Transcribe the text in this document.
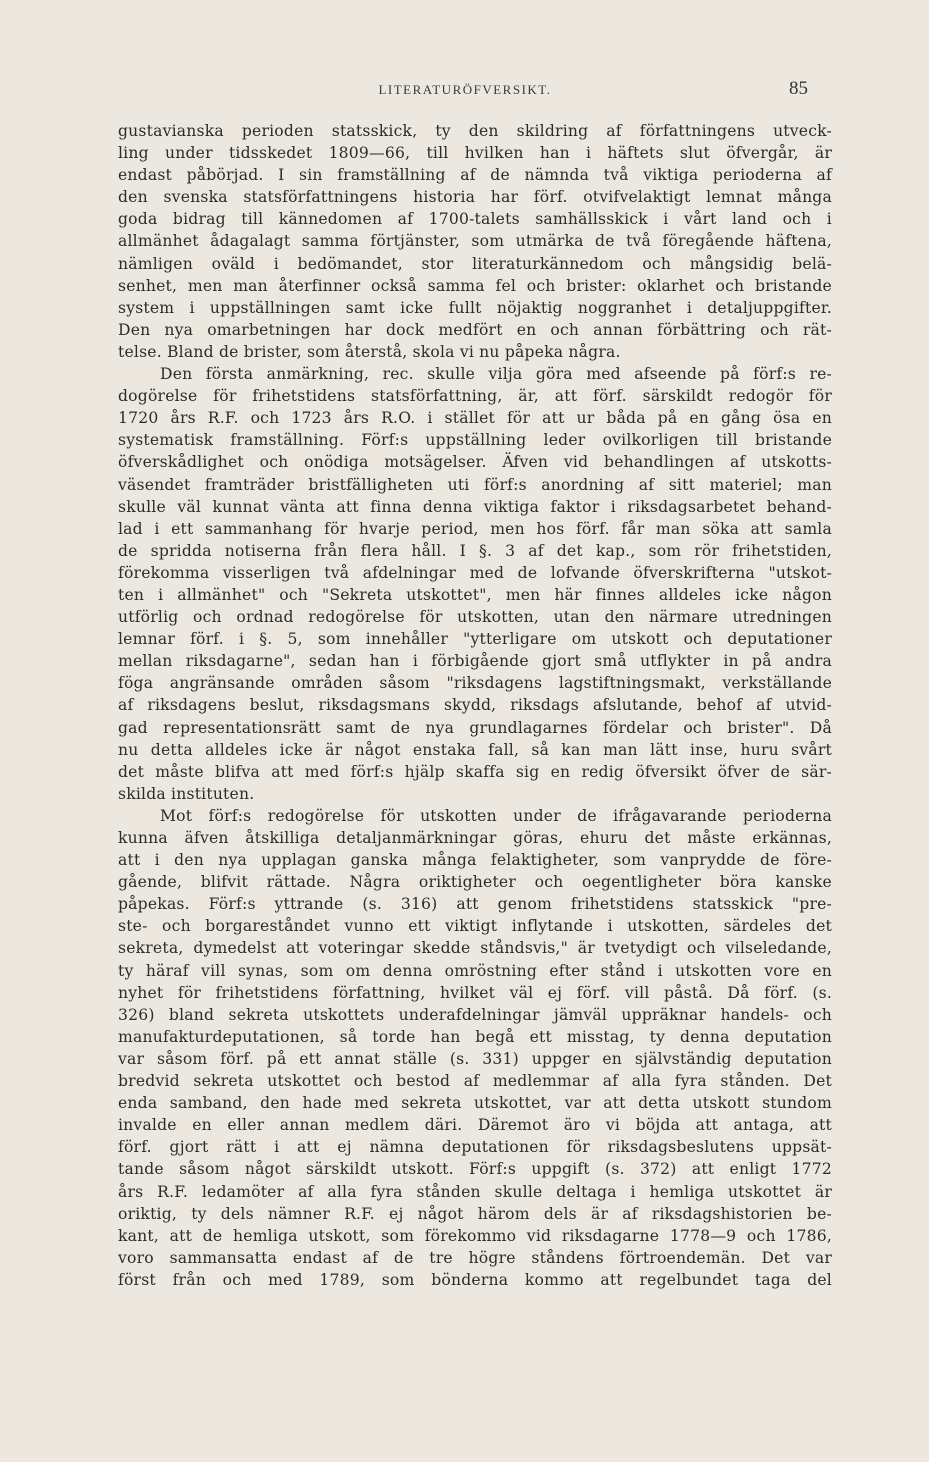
LITERATURÖFVERSIKT.	85
gustavianska perioden statsskick, ty den skildring af författningens utveck-
ling under tidsskedet 1809—66, till hvilken han i häftets slut öfvergår, är
endast påbörjad. I sin framställning af de nämnda två viktiga perioderna af
den svenska statsförfattningens historia har förf. otvifvelaktigt lemnat många
goda bidrag till kännedomen af 1700-talets samhällsskick i vårt land och i
allmänhet ådagalagt samma förtjänster, som utmärka de två föregående häftena,
nämligen oväld i bedömandet, stor literaturkännedom och mångsidig belä-
senhet, men man återfinner också samma fel och brister: oklarhet och bristande
system i uppställningen samt icke fullt nöjaktig noggranhet i detaljuppgifter.
Den nya omarbetningen har dock medfört en och annan förbättring och rät-
telse. Bland de brister, som återstå, skola vi nu påpeka några.
Den första anmärkning, rec. skulle vilja göra med afseende på förf:s re-
dogörelse för frihetstidens statsförfattning, är, att förf. särskildt redogör för
1720 års R.F. och 1723 års R.O. i stället för att ur båda på en gång ösa en
systematisk framställning. Förf:s uppställning leder ovilkorligen till bristande
öfverskådlighet och onödiga motsägelser. Äfven vid behandlingen af utskotts-
väsendet framträder bristfälligheten uti förf:s anordning af sitt materiel; man
skulle väl kunnat vänta att finna denna viktiga faktor i riksdagsarbetet behand-
lad i ett sammanhang för hvarje period, men hos förf. får man söka att samla
de spridda notiserna från flera håll. I §. 3 af det kap., som rör frihetstiden,
förekomma visserligen två afdelningar med de lofvande öfverskrifterna "utskot-
ten i allmänhet" och "Sekreta utskottet", men här finnes alldeles icke någon
utförlig och ordnad redogörelse för utskotten, utan den närmare utredningen
lemnar förf. i §. 5, som innehåller "ytterligare om utskott och deputationer
mellan riksdagarne", sedan han i förbigående gjort små utflykter in på andra
föga angränsande områden såsom "riksdagens lagstiftningsmakt, verkställande
af riksdagens beslut, riksdagsmans skydd, riksdags afslutande, behof af utvid-
gad representationsrätt samt de nya grundlagarnes fördelar och brister". Då
nu detta alldeles icke är något enstaka fall, så kan man lätt inse, huru svårt
det måste blifva att med förf:s hjälp skaffa sig en redig öfversikt öfver de sär-
skilda instituten.
Mot förf:s redogörelse för utskotten under de ifrågavarande perioderna
kunna äfven åtskilliga detaljanmärkningar göras, ehuru det måste erkännas,
att i den nya upplagan ganska många felaktigheter, som vanprydde de före-
gående, blifvit rättade. Några oriktigheter och oegentligheter böra kanske
påpekas. Förf:s yttrande (s. 316) att genom frihetstidens statsskick "pre-
ste- och borgareståndet vunno ett viktigt inflytande i utskotten, särdeles det
sekreta, dymedelst att voteringar skedde ståndsvis," är tvetydigt och vilseledande,
ty häraf vill synas, som om denna omröstning efter stånd i utskotten vore en
nyhet för frihetstidens författning, hvilket väl ej förf. vill påstå. Då förf. (s.
326) bland sekreta utskottets underafdelningar jämväl uppräknar handels- och
manufakturdeputationen, så torde han begå ett misstag, ty denna deputation
var såsom förf. på ett annat ställe (s. 331) uppger en självständig deputation
bredvid sekreta utskottet och bestod af medlemmar af alla fyra stånden. Det
enda samband, den hade med sekreta utskottet, var att detta utskott stundom
invalde en eller annan medlem däri. Däremot äro vi böjda att antaga, att
förf. gjort rätt i att ej nämna deputationen för riksdagsbeslutens uppsät-
tande såsom något särskildt utskott. Förf:s uppgift (s. 372) att enligt 1772
års R.F. ledamöter af alla fyra stånden skulle deltaga i hemliga utskottet är
oriktig, ty dels nämner R.F. ej något härom dels är af riksdagshistorien be-
kant, att de hemliga utskott, som förekommo vid riksdagarne 1778—9 och 1786,
voro sammansatta endast af de tre högre ståndens förtroendemän. Det var
först från och med 1789, som bönderna kommo att regelbundet taga del
